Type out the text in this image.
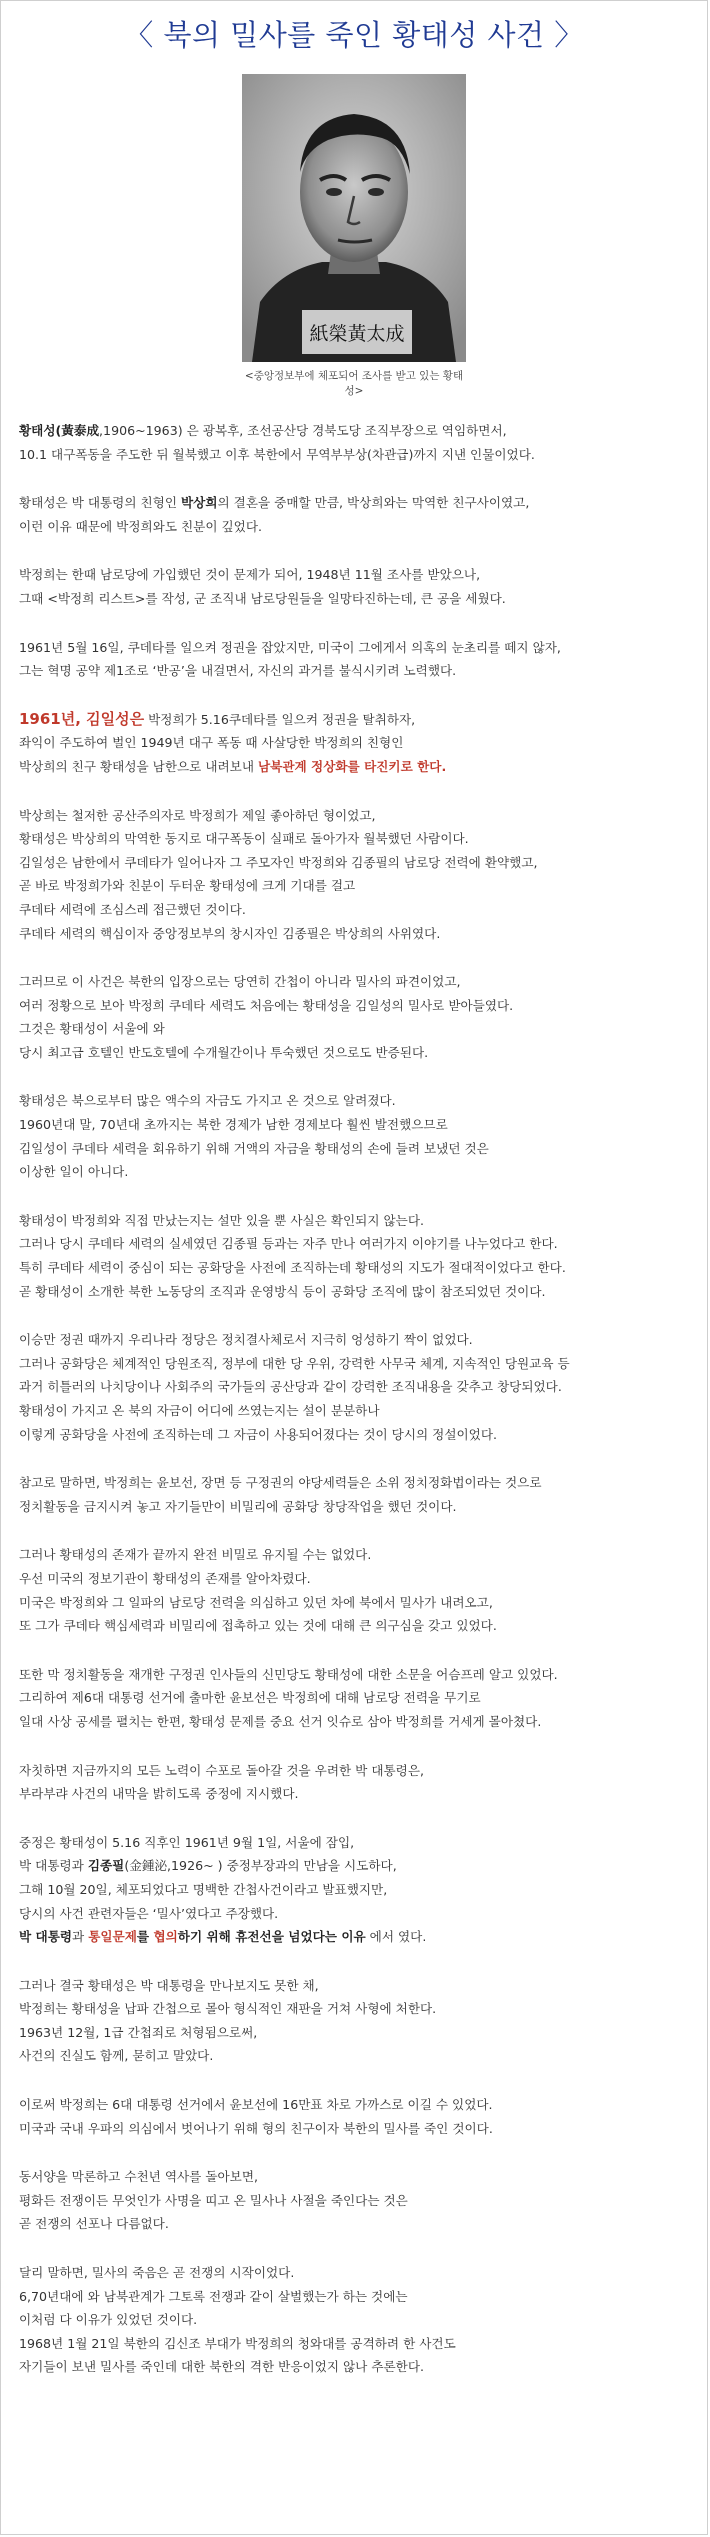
〈 북의 밀사를 죽인 황태성 사건 〉
紙榮黃太成
<중앙정보부에 체포되어 조사를 받고 있는 황태성>
황태성(黃泰成,1906~1963) 은 광복후, 조선공산당 경북도당 조직부장으로 역임하면서,
10.1 대구폭동을 주도한 뒤 월북했고 이후 북한에서 무역부부상(차관급)까지 지낸 인물이었다.
황태성은 박 대통령의 친형인 박상희의 결혼을 중매할 만큼, 박상희와는 막역한 친구사이였고,
이런 이유 때문에 박정희와도 친분이 깊었다.
박정희는 한때 남로당에 가입했던 것이 문제가 되어, 1948년 11월 조사를 받았으나,
그때 <박정희 리스트>를 작성, 군 조직내 남로당원들을 일망타진하는데, 큰 공을 세웠다.
1961년 5월 16일, 쿠데타를 일으켜 정권을 잡았지만, 미국이 그에게서 의혹의 눈초리를 떼지 않자,
그는 혁명 공약 제1조로 ‘반공’을 내걸면서, 자신의 과거를 불식시키려 노력했다.
1961년, 김일성은 박정희가 5.16쿠데타를 일으켜 정권을 탈취하자,
좌익이 주도하여 벌인 1949년 대구 폭동 때 사살당한 박정희의 친형인
박상희의 친구 황태성을 남한으로 내려보내 남북관계 정상화를 타진키로 한다.
박상희는 철저한 공산주의자로 박정희가 제일 좋아하던 형이었고,
황태성은 박상희의 막역한 동지로 대구폭동이 실패로 돌아가자 월북했던 사람이다.
김일성은 남한에서 쿠데타가 일어나자 그 주모자인 박정희와 김종필의 남로당 전력에 환약했고,
곧 바로 박정희가와 친분이 두터운 황태성에 크게 기대를 걸고
쿠데타 세력에 조심스레 접근했던 것이다.
쿠데타 세력의 핵심이자 중앙정보부의 창시자인 김종필은 박상희의 사위였다.
그러므로 이 사건은 북한의 입장으로는 당연히 간첩이 아니라 밀사의 파견이었고,
여러 정황으로 보아 박정희 쿠데타 세력도 처음에는 황태성을 김일성의 밀사로 받아들였다.
그것은 황태성이 서울에 와
당시 최고급 호텔인 반도호텔에 수개월간이나 투숙했던 것으로도 반증된다.
황태성은 북으로부터 많은 액수의 자금도 가지고 온 것으로 알려졌다.
1960년대 말, 70년대 초까지는 북한 경제가 남한 경제보다 훨씬 발전했으므로
김일성이 쿠데타 세력을 회유하기 위해 거액의 자금을 황태성의 손에 들려 보냈던 것은
이상한 일이 아니다.
황태성이 박정희와 직접 만났는지는 설만 있을 뿐 사실은 확인되지 않는다.
그러나 당시 쿠데타 세력의 실세였던 김종필 등과는 자주 만나 여러가지 이야기를 나누었다고 한다.
특히 쿠데타 세력이 중심이 되는 공화당을 사전에 조직하는데 황태성의 지도가 절대적이었다고 한다.
곧 황태성이 소개한 북한 노동당의 조직과 운영방식 등이 공화당 조직에 많이 참조되었던 것이다.
이승만 정권 때까지 우리나라 정당은 정치결사체로서 지극히 엉성하기 짝이 없었다.
그러나 공화당은 체계적인 당원조직, 정부에 대한 당 우위, 강력한 사무국 체계, 지속적인 당원교육 등
과거 히틀러의 나치당이나 사회주의 국가들의 공산당과 같이 강력한 조직내용을 갖추고 창당되었다.
황태성이 가지고 온 북의 자금이 어디에 쓰였는지는 설이 분분하나
이렇게 공화당을 사전에 조직하는데 그 자금이 사용되어졌다는 것이 당시의 정설이었다.
참고로 말하면, 박정희는 윤보선, 장면 등 구정권의 야당세력들은 소위 정치정화법이라는 것으로
정치활동을 금지시켜 놓고 자기들만이 비밀리에 공화당 창당작업을 했던 것이다.
그러나 황태성의 존재가 끝까지 완전 비밀로 유지될 수는 없었다.
우선 미국의 정보기관이 황태성의 존재를 알아차렸다.
미국은 박정희와 그 일파의 남로당 전력을 의심하고 있던 차에 북에서 밀사가 내려오고,
또 그가 쿠데타 핵심세력과 비밀리에 접촉하고 있는 것에 대해 큰 의구심을 갖고 있었다.
또한 막 정치활동을 재개한 구정권 인사들의 신민당도 황태성에 대한 소문을 어슴프레 알고 있었다.
그리하여 제6대 대통령 선거에 출마한 윤보선은 박정희에 대해 남로당 전력을 무기로
일대 사상 공세를 펼치는 한편, 황태성 문제를 중요 선거 잇슈로 삼아 박정희를 거세게 몰아쳤다.
자칫하면 지금까지의 모든 노력이 수포로 돌아갈 것을 우려한 박 대통령은,
부라부랴 사건의 내막을 밝히도록 중정에 지시했다.
중정은 황태성이 5.16 직후인 1961년 9월 1일, 서울에 잠입,
박 대통령과 김종필(金鍾泌,1926~ ) 중정부장과의 만남을 시도하다,
그해 10월 20일, 체포되었다고 명백한 간첩사건이라고 발표했지만,
당시의 사건 관련자들은 ‘밀사’였다고 주장했다.
박 대통령과 통일문제를 협의하기 위해 휴전선을 넘었다는 이유 에서 였다.
그러나 결국 황태성은 박 대통령을 만나보지도 못한 채,
박정희는 황태성을 납파 간첩으로 몰아 형식적인 재판을 거쳐 사형에 처한다.
1963년 12월, 1급 간첩죄로 처형됨으로써,
사건의 진실도 함께, 묻히고 말았다.
이로써 박정희는 6대 대통령 선거에서 윤보선에 16만표 차로 가까스로 이길 수 있었다.
미국과 국내 우파의 의심에서 벗어나기 위해 형의 친구이자 북한의 밀사를 죽인 것이다.
동서양을 막론하고 수천년 역사를 돌아보면,
평화든 전쟁이든 무엇인가 사명을 띠고 온 밀사나 사절을 죽인다는 것은
곧 전쟁의 선포나 다름없다.
달리 말하면, 밀사의 죽음은 곧 전쟁의 시작이었다.
6,70년대에 와 남북관계가 그토록 전쟁과 같이 살벌했는가 하는 것에는
이처럼 다 이유가 있었던 것이다.
1968년 1월 21일 북한의 김신조 부대가 박정희의 청와대를 공격하려 한 사건도
자기들이 보낸 밀사를 죽인데 대한 북한의 격한 반응이었지 않나 추론한다.
